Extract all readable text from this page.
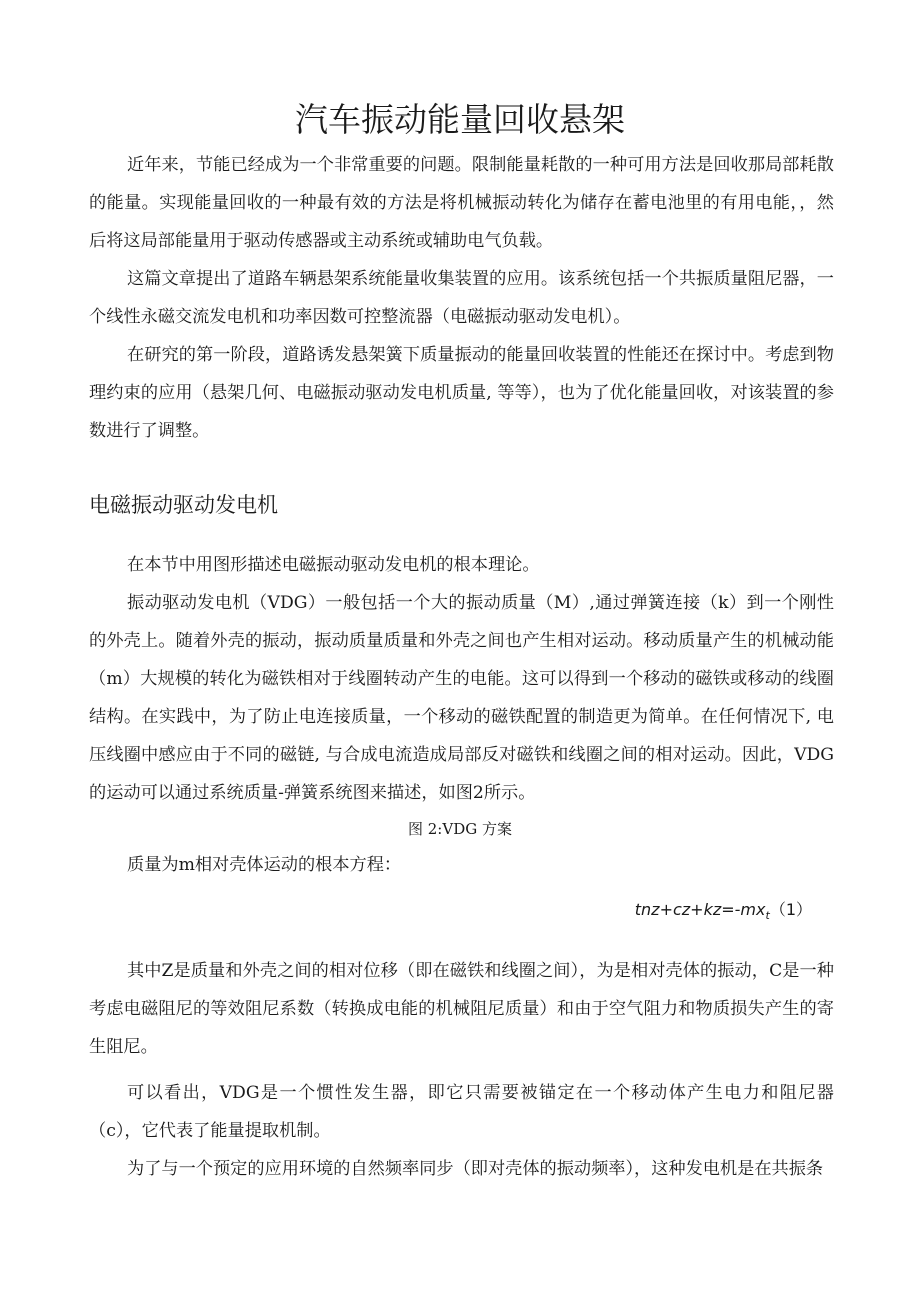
汽车振动能量回收悬架

近年来，节能已经成为一个非常重要的问题。限制能量耗散的一种可用方法是回收那局部耗散的能量。实现能量回收的一种最有效的方法是将机械振动转化为储存在蓄电池里的有用电能，，然后将这局部能量用于驱动传感器或主动系统或辅助电气负载。

这篇文章提出了道路车辆悬架系统能量收集装置的应用。该系统包括一个共振质量阻尼器，一个线性永磁交流发电机和功率因数可控整流器（电磁振动驱动发电机）。

在研究的第一阶段，道路诱发悬架簧下质量振动的能量回收装置的性能还在探讨中。考虑到物理约束的应用（悬架几何、电磁振动驱动发电机质量, 等等），也为了优化能量回收，对该装置的参数进行了调整。

电磁振动驱动发电机

在本节中用图形描述电磁振动驱动发电机的根本理论。

振动驱动发电机（VDG）一般包括一个大的振动质量（M）,通过弹簧连接（k）到一个刚性的外壳上。随着外壳的振动，振动质量质量和外壳之间也产生相对运动。移动质量产生的机械动能（m）大规模的转化为磁铁相对于线圈转动产生的电能。这可以得到一个移动的磁铁或移动的线圈结构。在实践中，为了防止电连接质量，一个移动的磁铁配置的制造更为简单。在任何情况下, 电压线圈中感应由于不同的磁链, 与合成电流造成局部反对磁铁和线圈之间的相对运动。因此，VDG的运动可以通过系统质量-弹簧系统图来描述，如图2所示。

图 2:VDG 方案

质量为m相对壳体运动的根本方程：

$tnz+cz+kz=-mx_t(1)$

其中Z是质量和外壳之间的相对位移（即在磁铁和线圈之间），为是相对壳体的振动，C是一种考虑电磁阻尼的等效阻尼系数（转换成电能的机械阻尼质量）和由于空气阻力和物质损失产生的寄生阻尼。

可以看出，VDG是一个惯性发生器，即它只需要被锚定在一个移动体产生电力和阻尼器（c），它代表了能量提取机制。

为了与一个预定的应用环境的自然频率同步（即对壳体的振动频率），这种发电机是在共振条
